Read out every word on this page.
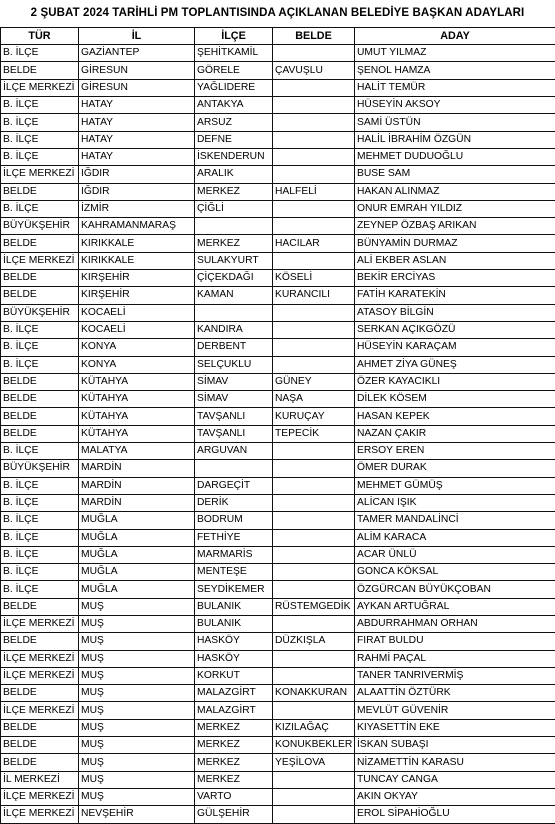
2 ŞUBAT 2024 TARİHLİ PM TOPLANTISINDA AÇIKLANAN BELEDİYE BAŞKAN ADAYLARI
TÜR	İL	İLÇE	BELDE	ADAY
B. İLÇE	GAZİANTEP	ŞEHİTKAMİL		UMUT YILMAZ
BELDE	GİRESUN	GÖRELE	ÇAVUŞLU	ŞENOL HAMZA
İLÇE MERKEZİ	GİRESUN	YAĞLIDERE		HALİT TEMÜR
B. İLÇE	HATAY	ANTAKYA		HÜSEYİN AKSOY
B. İLÇE	HATAY	ARSUZ		SAMİ ÜSTÜN
B. İLÇE	HATAY	DEFNE		HALİL İBRAHİM ÖZGÜN
B. İLÇE	HATAY	İSKENDERUN		MEHMET DUDUOĞLU
İLÇE MERKEZİ	IĞDIR	ARALIK		BUSE SAM
BELDE	IĞDIR	MERKEZ	HALFELİ	HAKAN ALINMAZ
B. İLÇE	İZMİR	ÇİĞLİ		ONUR EMRAH YILDIZ
BÜYÜKŞEHİR	KAHRAMANMARAŞ			ZEYNEP ÖZBAŞ ARIKAN
BELDE	KIRIKKALE	MERKEZ	HACILAR	BÜNYAMİN DURMAZ
İLÇE MERKEZİ	KIRIKKALE	SULAKYURT		ALİ EKBER ASLAN
BELDE	KIRŞEHİR	ÇİÇEKDAĞI	KÖSELİ	BEKİR ERCİYAS
BELDE	KIRŞEHİR	KAMAN	KURANCILI	FATİH KARATEKİN
BÜYÜKŞEHİR	KOCAELİ			ATASOY BİLGİN
B. İLÇE	KOCAELİ	KANDIRA		SERKAN AÇIKGÖZÜ
B. İLÇE	KONYA	DERBENT		HÜSEYİN KARAÇAM
B. İLÇE	KONYA	SELÇUKLU		AHMET ZİYA GÜNEŞ
BELDE	KÜTAHYA	SİMAV	GÜNEY	ÖZER KAYACIKLI
BELDE	KÜTAHYA	SİMAV	NAŞA	DİLEK KÖSEM
BELDE	KÜTAHYA	TAVŞANLI	KURUÇAY	HASAN KEPEK
BELDE	KÜTAHYA	TAVŞANLI	TEPECİK	NAZAN ÇAKIR
B. İLÇE	MALATYA	ARGUVAN		ERSOY EREN
BÜYÜKŞEHİR	MARDİN			ÖMER DURAK
B. İLÇE	MARDİN	DARGEÇİT		MEHMET GÜMÜŞ
B. İLÇE	MARDİN	DERİK		ALİCAN IŞIK
B. İLÇE	MUĞLA	BODRUM		TAMER MANDALİNCİ
B. İLÇE	MUĞLA	FETHİYE		ALİM KARACA
B. İLÇE	MUĞLA	MARMARİS		ACAR ÜNLÜ
B. İLÇE	MUĞLA	MENTEŞE		GONCA KÖKSAL
B. İLÇE	MUĞLA	SEYDİKEMER		ÖZGÜRCAN BÜYÜKÇOBAN
BELDE	MUŞ	BULANIK	RÜSTEMGEDİK	AYKAN ARTUĞRAL
İLÇE MERKEZİ	MUŞ	BULANIK		ABDURRAHMAN ORHAN
BELDE	MUŞ	HASKÖY	DÜZKIŞLA	FIRAT BULDU
İLÇE MERKEZİ	MUŞ	HASKÖY		RAHMİ PAÇAL
İLÇE MERKEZİ	MUŞ	KORKUT		TANER TANRIVERMİŞ
BELDE	MUŞ	MALAZGİRT	KONAKKURAN	ALAATTİN ÖZTÜRK
İLÇE MERKEZİ	MUŞ	MALAZGİRT		MEVLÜT GÜVENİR
BELDE	MUŞ	MERKEZ	KIZILAĞAÇ	KIYASETTİN EKE
BELDE	MUŞ	MERKEZ	KONUKBEKLER	İSKAN SUBAŞI
BELDE	MUŞ	MERKEZ	YEŞİLOVA	NİZAMETTİN KARASU
İL MERKEZİ	MUŞ	MERKEZ		TUNCAY CANGA
İLÇE MERKEZİ	MUŞ	VARTO		AKIN OKYAY
İLÇE MERKEZİ	NEVŞEHİR	GÜLŞEHİR		EROL SİPAHİOĞLU
